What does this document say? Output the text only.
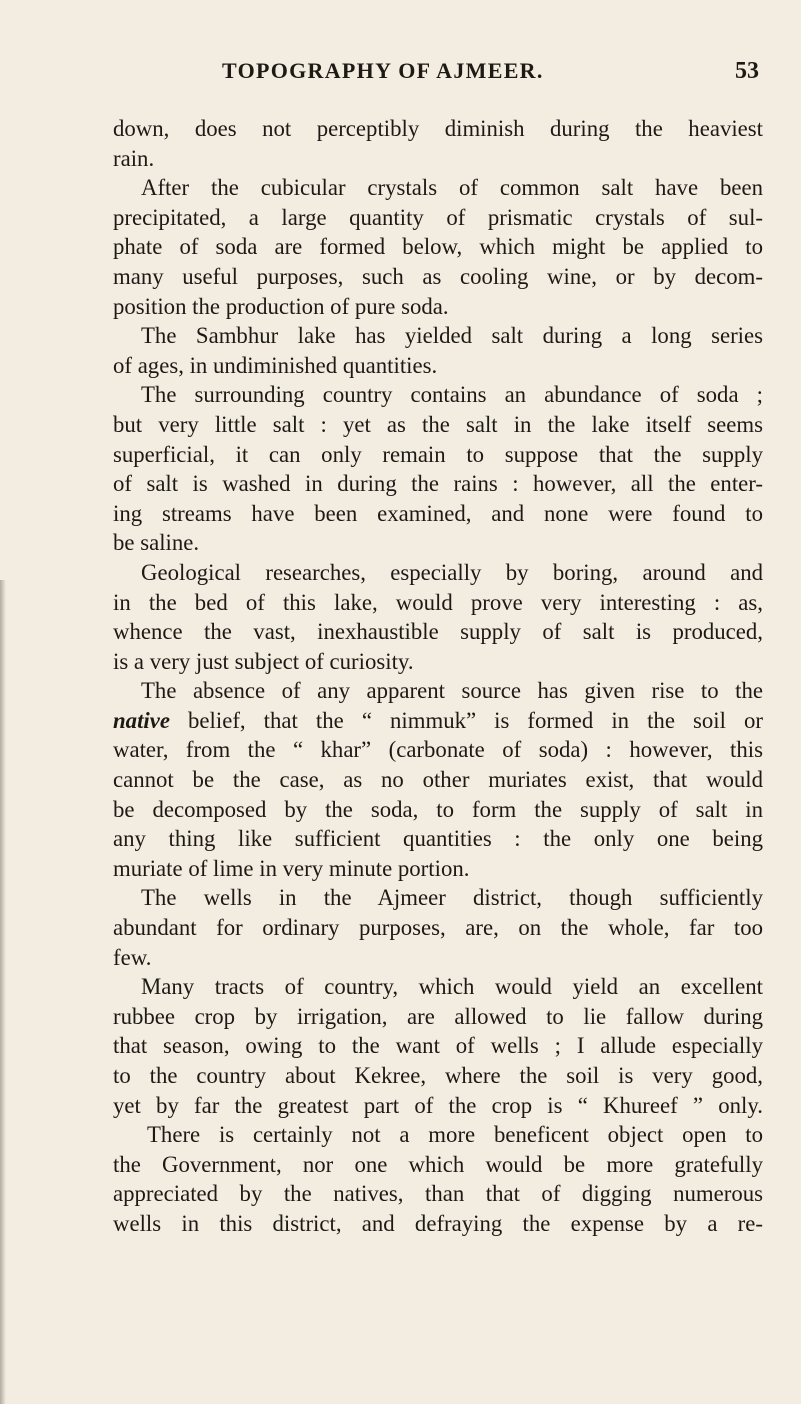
TOPOGRAPHY OF AJMEER.	53
down, does not perceptibly diminish during the heaviest
rain.
After the cubicular crystals of common salt have been
precipitated, a large quantity of prismatic crystals of sul-
phate of soda are formed below, which might be applied to
many useful purposes, such as cooling wine, or by decom-
position the production of pure soda.
The Sambhur lake has yielded salt during a long series
of ages, in undiminished quantities.
The surrounding country contains an abundance of soda ;
but very little salt : yet as the salt in the lake itself seems
superficial, it can only remain to suppose that the supply
of salt is washed in during the rains : however, all the enter-
ing streams have been examined, and none were found to
be saline.
Geological researches, especially by boring, around and
in the bed of this lake, would prove very interesting : as,
whence the vast, inexhaustible supply of salt is produced,
is a very just subject of curiosity.
The absence of any apparent source has given rise to the
native belief, that the “ nimmuk” is formed in the soil or
water, from the “ khar” (carbonate of soda) : however, this
cannot be the case, as no other muriates exist, that would
be decomposed by the soda, to form the supply of salt in
any thing like sufficient quantities : the only one being
muriate of lime in very minute portion.
The wells in the Ajmeer district, though sufficiently
abundant for ordinary purposes, are, on the whole, far too
few.
Many tracts of country, which would yield an excellent
rubbee crop by irrigation, are allowed to lie fallow during
that season, owing to the want of wells ; I allude especially
to the country about Kekree, where the soil is very good,
yet by far the greatest part of the crop is “ Khureef ” only.
There is certainly not a more beneficent object open to
the Government, nor one which would be more gratefully
appreciated by the natives, than that of digging numerous
wells in this district, and defraying the expense by a re-
